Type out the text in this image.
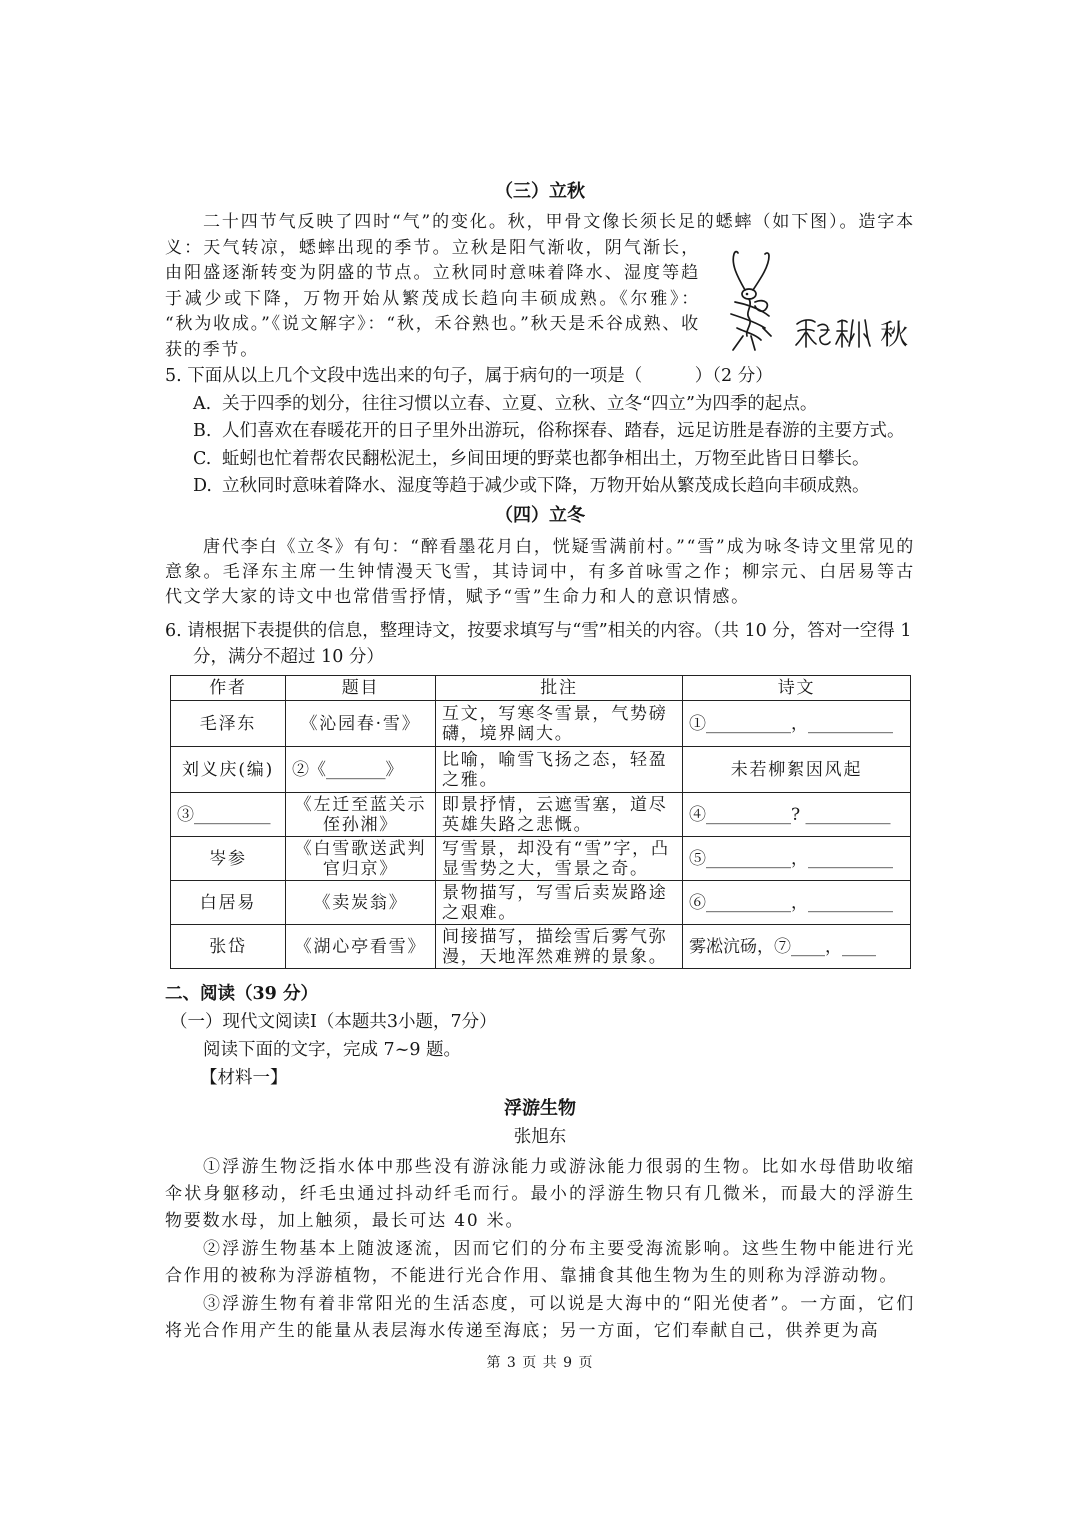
（三）立秋

秋
二十四节气反映了四时“气”的变化。秋，甲骨文像长须长足的蟋蟀（如下图）。造字本义：天气转凉，蟋蟀出现的季节。立秋是阳气渐收，阴气渐长，由阳盛逐渐转变为阴盛的节点。立秋同时意味着降水、湿度等趋于减少或下降，万物开始从繁茂成长趋向丰硕成熟。《尔雅》：“秋为收成。”《说文解字》：“秋，禾谷熟也。”秋天是禾谷成熟、收获的季节。

5. 下面从以上几个文段中选出来的句子，属于病句的一项是（　　　）（2 分）
A. 关于四季的划分，往往习惯以立春、立夏、立秋、立冬“四立”为四季的起点。
B. 人们喜欢在春暖花开的日子里外出游玩，俗称探春、踏春，远足访胜是春游的主要方式。
C. 蚯蚓也忙着帮农民翻松泥土，乡间田埂的野菜也都争相出土，万物至此皆日日攀长。
D. 立秋同时意味着降水、湿度等趋于减少或下降，万物开始从繁茂成长趋向丰硕成熟。
（四）立冬

唐代李白《立冬》有句：“醉看墨花月白，恍疑雪满前村。”“雪”成为咏冬诗文里常见的意象。毛泽东主席一生钟情漫天飞雪，其诗词中，有多首咏雪之作；柳宗元、白居易等古代文学大家的诗文中也常借雪抒情，赋予“雪”生命力和人的意识情感。

6. 请根据下表提供的信息，整理诗文，按要求填写与“雪”相关的内容。（共 10 分，答对一空得 1 分，满分不超过 10 分）
作者	题目	批注	诗文
毛泽东	《沁园春·雪》	互文，写寒冬雪景，气势磅礴，境界阔大。	①__________，__________
刘义庆(编)	②《_______》	比喻，喻雪飞扬之态，轻盈之雅。	未若柳絮因风起
③_________	《左迁至蓝关示侄孙湘》	即景抒情，云遮雪塞，道尽英雄失路之悲慨。	④__________? __________
岑参	《白雪歌送武判官归京》	写雪景，却没有“雪”字，凸显雪势之大，雪景之奇。	⑤__________，__________
白居易	《卖炭翁》	景物描写，写雪后卖炭路途之艰难。	⑥__________，__________
张岱	《湖心亭看雪》	间接描写，描绘雪后雾气弥漫，天地浑然难辨的景象。	雾凇沆砀，⑦____，____
二、阅读（39 分）
（一）现代文阅读I（本题共3小题，7分）
阅读下面的文字，完成 7~9 题。
【材料一】
浮游生物
张旭东

①浮游生物泛指水体中那些没有游泳能力或游泳能力很弱的生物。比如水母借助收缩伞状身躯移动，纤毛虫通过抖动纤毛而行。最小的浮游生物只有几微米，而最大的浮游生物要数水母，加上触须，最长可达 40 米。

②浮游生物基本上随波逐流，因而它们的分布主要受海流影响。这些生物中能进行光合作用的被称为浮游植物，不能进行光合作用、靠捕食其他生物为生的则称为浮游动物。

③浮游生物有着非常阳光的生活态度，可以说是大海中的“阳光使者”。一方面，它们将光合作用产生的能量从表层海水传递至海底；另一方面，它们奉献自己，供养更为高

第 3 页 共 9 页
